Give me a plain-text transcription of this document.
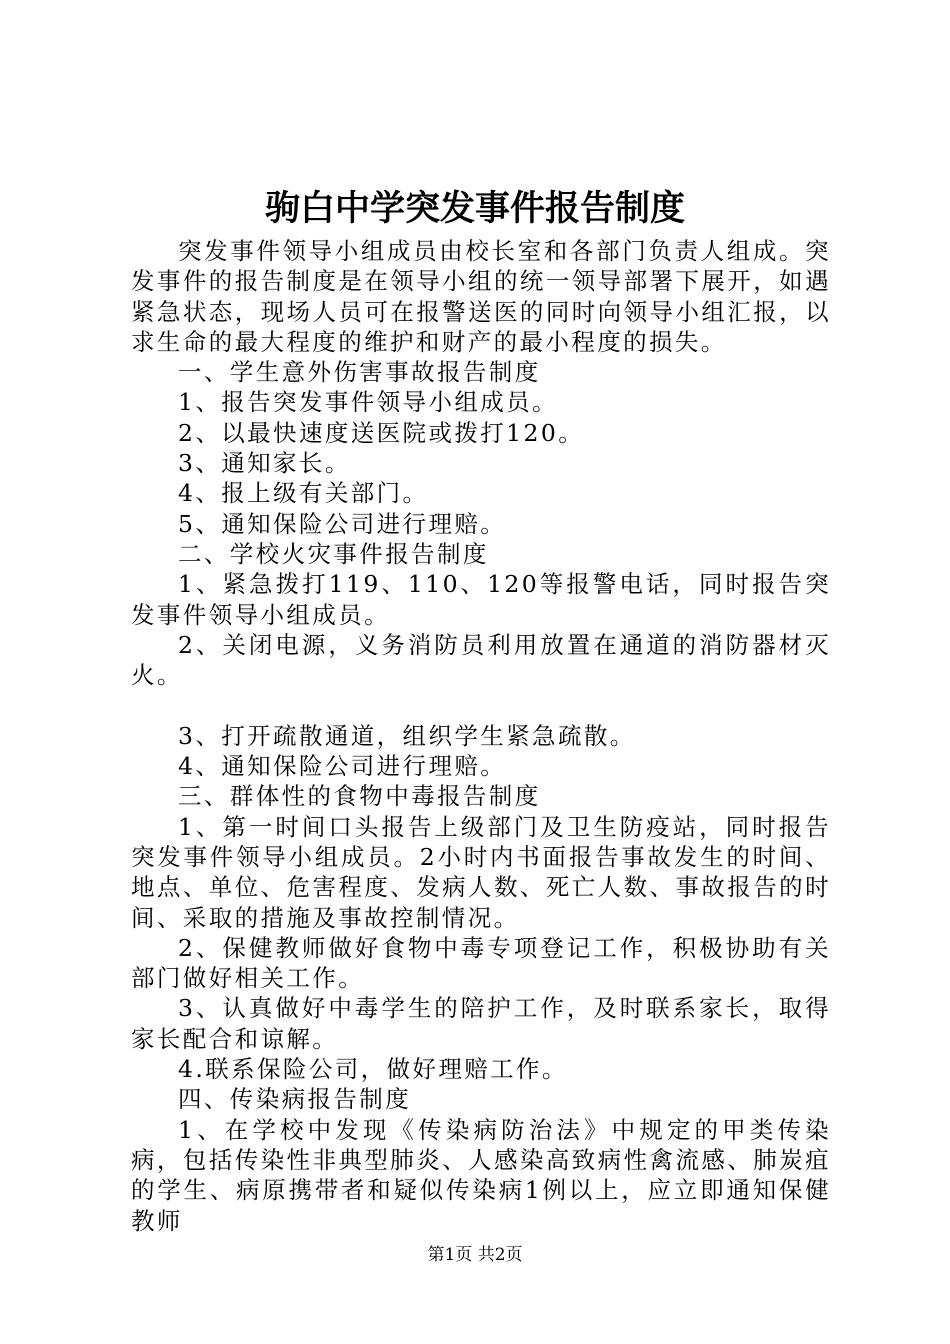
驹白中学突发事件报告制度

突发事件领导小组成员由校长室和各部门负责人组成。突发事件的报告制度是在领导小组的统一领导部署下展开，如遇紧急状态，现场人员可在报警送医的同时向领导小组汇报，以求生命的最大程度的维护和财产的最小程度的损失。

一、学生意外伤害事故报告制度

1、报告突发事件领导小组成员。

2、以最快速度送医院或拨打120。

3、通知家长。

4、报上级有关部门。

5、通知保险公司进行理赔。

二、学校火灾事件报告制度

1、紧急拨打119、110、120等报警电话，同时报告突发事件领导小组成员。

2、关闭电源，义务消防员利用放置在通道的消防器材灭火。

3、打开疏散通道，组织学生紧急疏散。

4、通知保险公司进行理赔。

三、群体性的食物中毒报告制度

1、第一时间口头报告上级部门及卫生防疫站，同时报告突发事件领导小组成员。2小时内书面报告事故发生的时间、地点、单位、危害程度、发病人数、死亡人数、事故报告的时间、采取的措施及事故控制情况。

2、保健教师做好食物中毒专项登记工作，积极协助有关部门做好相关工作。

3、认真做好中毒学生的陪护工作，及时联系家长，取得家长配合和谅解。

4.联系保险公司，做好理赔工作。

四、传染病报告制度

1、在学校中发现《传染病防治法》中规定的甲类传染病，包括传染性非典型肺炎、人感染高致病性禽流感、肺炭疽的学生、病原携带者和疑似传染病1例以上，应立即通知保健教师

第1页 共2页
